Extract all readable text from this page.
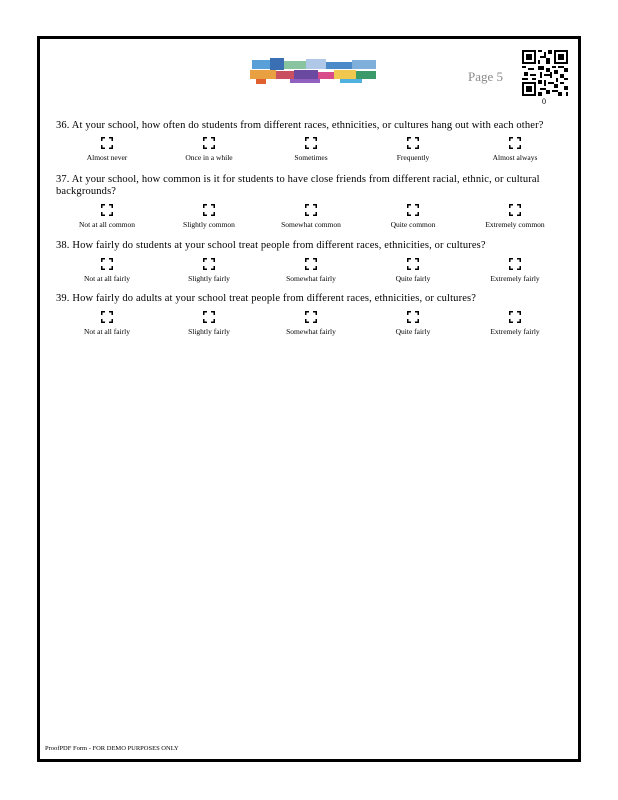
Page 5
0
36. At your school, how often do students from different races, ethnicities, or cultures hang out with each other?
Almost never	Once in a while	Sometimes	Frequently	Almost always
37. At your school, how common is it for students to have close friends from different racial, ethnic, or cultural backgrounds?
Not at all common	Slightly common	Somewhat common	Quite common	Extremely common
38. How fairly do students at your school treat people from different races, ethnicities, or cultures?
Not at all fairly	Slightly fairly	Somewhat fairly	Quite fairly	Extremely fairly
39. How fairly do adults at your school treat people from different races, ethnicities, or cultures?
Not at all fairly	Slightly fairly	Somewhat fairly	Quite fairly	Extremely fairly
ProofPDF Form - FOR DEMO PURPOSES ONLY
